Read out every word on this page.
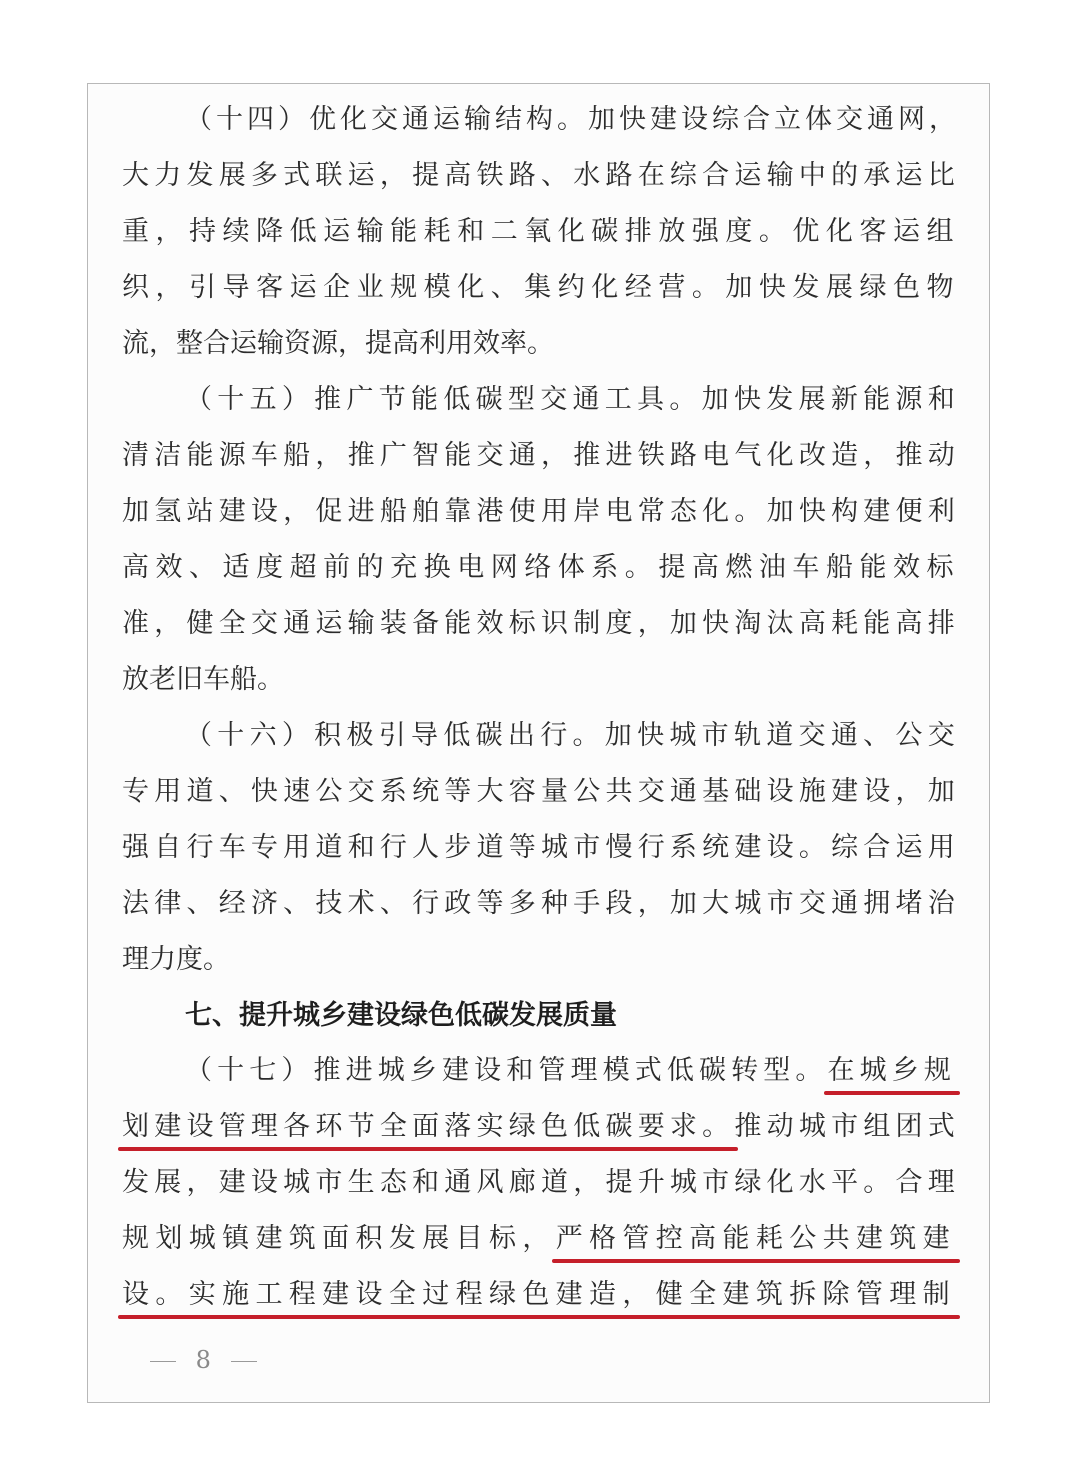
（十四）优化交通运输结构。加快建设综合立体交通网，
大力发展多式联运，提高铁路、水路在综合运输中的承运比
重，持续降低运输能耗和二氧化碳排放强度。优化客运组
织，引导客运企业规模化、集约化经营。加快发展绿色物
流，整合运输资源，提高利用效率。
（十五）推广节能低碳型交通工具。加快发展新能源和
清洁能源车船，推广智能交通，推进铁路电气化改造，推动
加氢站建设，促进船舶靠港使用岸电常态化。加快构建便利
高效、适度超前的充换电网络体系。提高燃油车船能效标
准，健全交通运输装备能效标识制度，加快淘汰高耗能高排
放老旧车船。
（十六）积极引导低碳出行。加快城市轨道交通、公交
专用道、快速公交系统等大容量公共交通基础设施建设，加
强自行车专用道和行人步道等城市慢行系统建设。综合运用
法律、经济、技术、行政等多种手段，加大城市交通拥堵治
理力度。
七、提升城乡建设绿色低碳发展质量
（十七）推进城乡建设和管理模式低碳转型。在城乡规
划建设管理各环节全面落实绿色低碳要求。推动城市组团式
发展，建设城市生态和通风廊道，提升城市绿化水平。合理
规划城镇建筑面积发展目标，严格管控高能耗公共建筑建
设。实施工程建设全过程绿色建造，健全建筑拆除管理制
8
